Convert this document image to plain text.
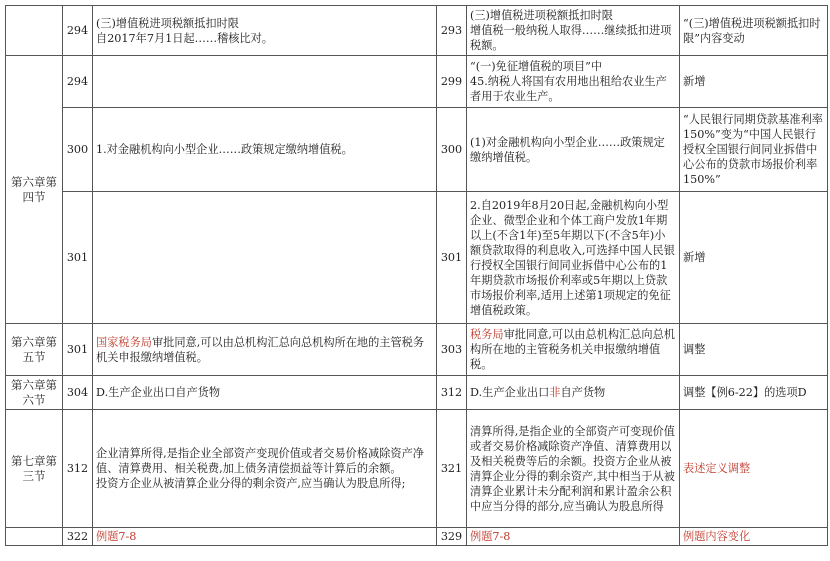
	294	(三)增值税进项税额抵扣时限
自2017年7月1日起……稽核比对。	293	(三)增值税进项税额抵扣时限
增值税一般纳税人取得……继续抵扣进项税额。	“(三)增值税进项税额抵扣时限”内容变动
第六章第四节	294		299	“(一)免征增值税的项目”中
45.纳税人将国有农用地出租给农业生产者用于农业生产。	新增
	300	1.对金融机构向小型企业……政策规定缴纳增值税。	300	(1)对金融机构向小型企业……政策规定缴纳增值税。	“人民银行同期贷款基准利率150%”变为“中国人民银行授权全国银行间同业拆借中心公布的贷款市场报价利率150%”
	301		301	2.自2019年8月20日起,金融机构向小型企业、微型企业和个体工商户发放1年期以上(不含1年)至5年期以下(不含5年)小额贷款取得的利息收入,可选择中国人民银行授权全国银行间同业拆借中心公布的1年期贷款市场报价利率或5年期以上贷款市场报价利率,适用上述第1项规定的免征增值税政策。	新增
第六章第五节	301	国家税务局审批同意,可以由总机构汇总向总机构所在地的主管税务机关申报缴纳增值税。	303	税务局审批同意,可以由总机构汇总向总机构所在地的主管税务机关申报缴纳增值税。	调整
第六章第六节	304	D.生产企业出口自产货物	312	D.生产企业出口非自产货物	调整【例6-22】的选项D
第七章第三节	312	企业清算所得,是指企业全部资产变现价值或者交易价格减除资产净值、清算费用、相关税费,加上债务清偿损益等计算后的余额。
投资方企业从被清算企业分得的剩余资产,应当确认为股息所得;	321	清算所得,是指企业的全部资产可变现价值或者交易价格减除资产净值、清算费用以及相关税费等后的余额。投资方企业从被清算企业分得的剩余资产,其中相当于从被清算企业累计未分配利润和累计盈余公积中应当分得的部分,应当确认为股息所得	表述定义调整
	322	例题7-8	329	例题7-8	例题内容变化
